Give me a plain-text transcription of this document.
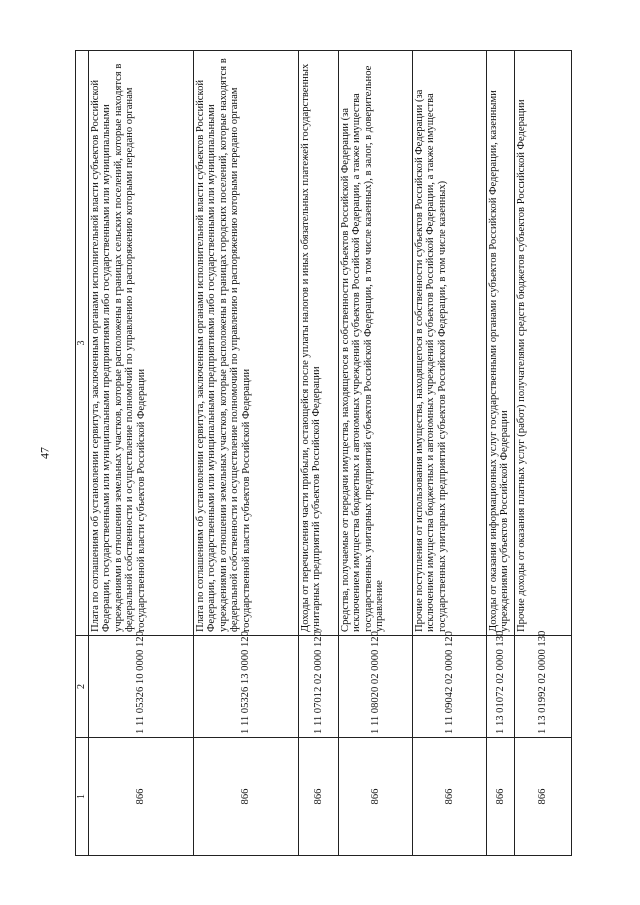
47
1	2	3
866	1 11 05326 10 0000 120	Плата по соглашениям об установлении сервитута, заключенным органами исполнительной власти субъектов Российской Федерации, государственными или муниципальными предприятиями либо государственными или муниципальными учреждениями в отношении земельных участков, которые расположены в границах сельских поселений, которые находятся в федеральной собственности и осуществление полномочий по управлению и распоряжению которыми передано органам государственной власти субъектов Российской Федерации
866	1 11 05326 13 0000 120	Плата по соглашениям об установлении сервитута, заключенным органами исполнительной власти субъектов Российской Федерации, государственными или муниципальными предприятиями либо государственными или муниципальными учреждениями в отношении земельных участков, которые расположены в границах городских поселений, которые находятся в федеральной собственности и осуществление полномочий по управлению и распоряжению которыми передано органам государственной власти субъектов Российской Федерации
866	1 11 07012 02 0000 120	Доходы от перечисления части прибыли, остающейся после уплаты налогов и иных обязательных платежей государственных унитарных предприятий субъектов Российской Федерации
866	1 11 08020 02 0000 120	Средства, получаемые от передачи имущества, находящегося в собственности субъектов Российской Федерации (за исключением имущества бюджетных и автономных учреждений субъектов Российской Федерации, а также имущества государственных унитарных предприятий субъектов Российской Федерации, в том числе казенных), в залог, в доверительное управление
866	1 11 09042 02 0000 120	Прочие поступления от использования имущества, находящегося в собственности субъектов Российской Федерации (за исключением имущества бюджетных и автономных учреждений субъектов Российской Федерации, а также имущества государственных унитарных предприятий субъектов Российской Федерации, в том числе казенных)
866	1 13 01072 02 0000 130	Доходы от оказания информационных услуг государственными органами субъектов Российской Федерации, казенными учреждениями субъектов Российской Федерации
866	1 13 01992 02 0000 130	Прочие доходы от оказания платных услуг (работ) получателями средств бюджетов субъектов Российской Федерации
